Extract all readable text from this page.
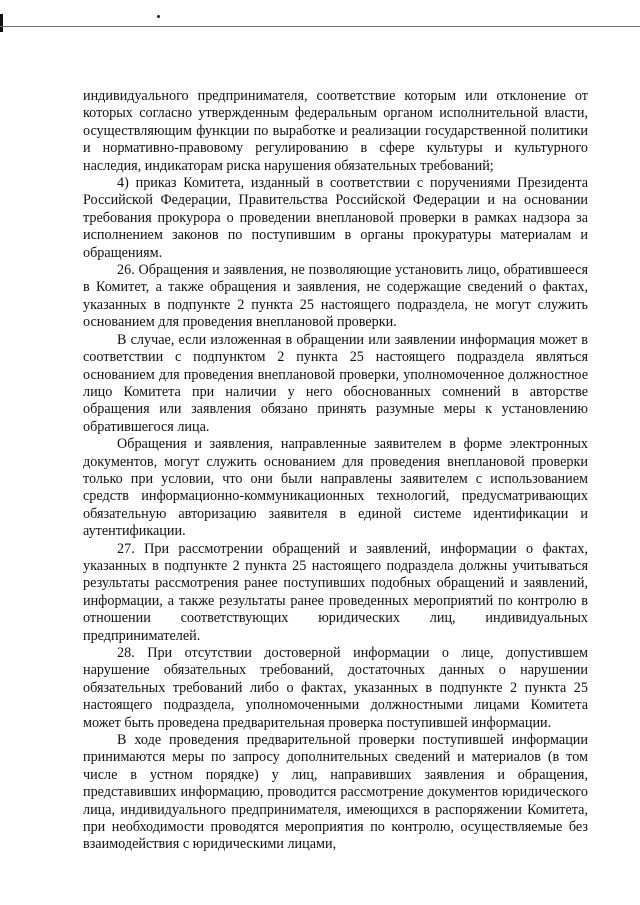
индивидуального предпринимателя, соответствие которым или отклонение от которых согласно утвержденным федеральным органом исполнительной власти, осуществляющим функции по выработке и реализации государственной политики и нормативно-правовому регулированию в сфере культуры и культурного наследия, индикаторам риска нарушения обязательных требований;

4) приказ Комитета, изданный в соответствии с поручениями Президента Российской Федерации, Правительства Российской Федерации и на основании требования прокурора о проведении внеплановой проверки в рамках надзора за исполнением законов по поступившим в органы прокуратуры материалам и обращениям.

26. Обращения и заявления, не позволяющие установить лицо, обратившееся в Комитет, а также обращения и заявления, не содержащие сведений о фактах, указанных в подпункте 2 пункта 25 настоящего подраздела, не могут служить основанием для проведения внеплановой проверки.

В случае, если изложенная в обращении или заявлении информация может в соответствии с подпунктом 2 пункта 25 настоящего подраздела являться основанием для проведения внеплановой проверки, уполномоченное должностное лицо Комитета при наличии у него обоснованных сомнений в авторстве обращения или заявления обязано принять разумные меры к установлению обратившегося лица.

Обращения и заявления, направленные заявителем в форме электронных документов, могут служить основанием для проведения внеплановой проверки только при условии, что они были направлены заявителем с использованием средств информационно-коммуникационных технологий, предусматривающих обязательную авторизацию заявителя в единой системе идентификации и аутентификации.

27. При рассмотрении обращений и заявлений, информации о фактах, указанных в подпункте 2 пункта 25 настоящего подраздела должны учитываться результаты рассмотрения ранее поступивших подобных обращений и заявлений, информации, а также результаты ранее проведенных мероприятий по контролю в отношении соответствующих юридических лиц, индивидуальных предпринимателей.

28. При отсутствии достоверной информации о лице, допустившем нарушение обязательных требований, достаточных данных о нарушении обязательных требований либо о фактах, указанных в подпункте 2 пункта 25 настоящего подраздела, уполномоченными должностными лицами Комитета может быть проведена предварительная проверка поступившей информации.

В ходе проведения предварительной проверки поступившей информации принимаются меры по запросу дополнительных сведений и материалов (в том числе в устном порядке) у лиц, направивших заявления и обращения, представивших информацию, проводится рассмотрение документов юридического лица, индивидуального предпринимателя, имеющихся в распоряжении Комитета, при необходимости проводятся мероприятия по контролю, осуществляемые без взаимодействия с юридическими лицами,
